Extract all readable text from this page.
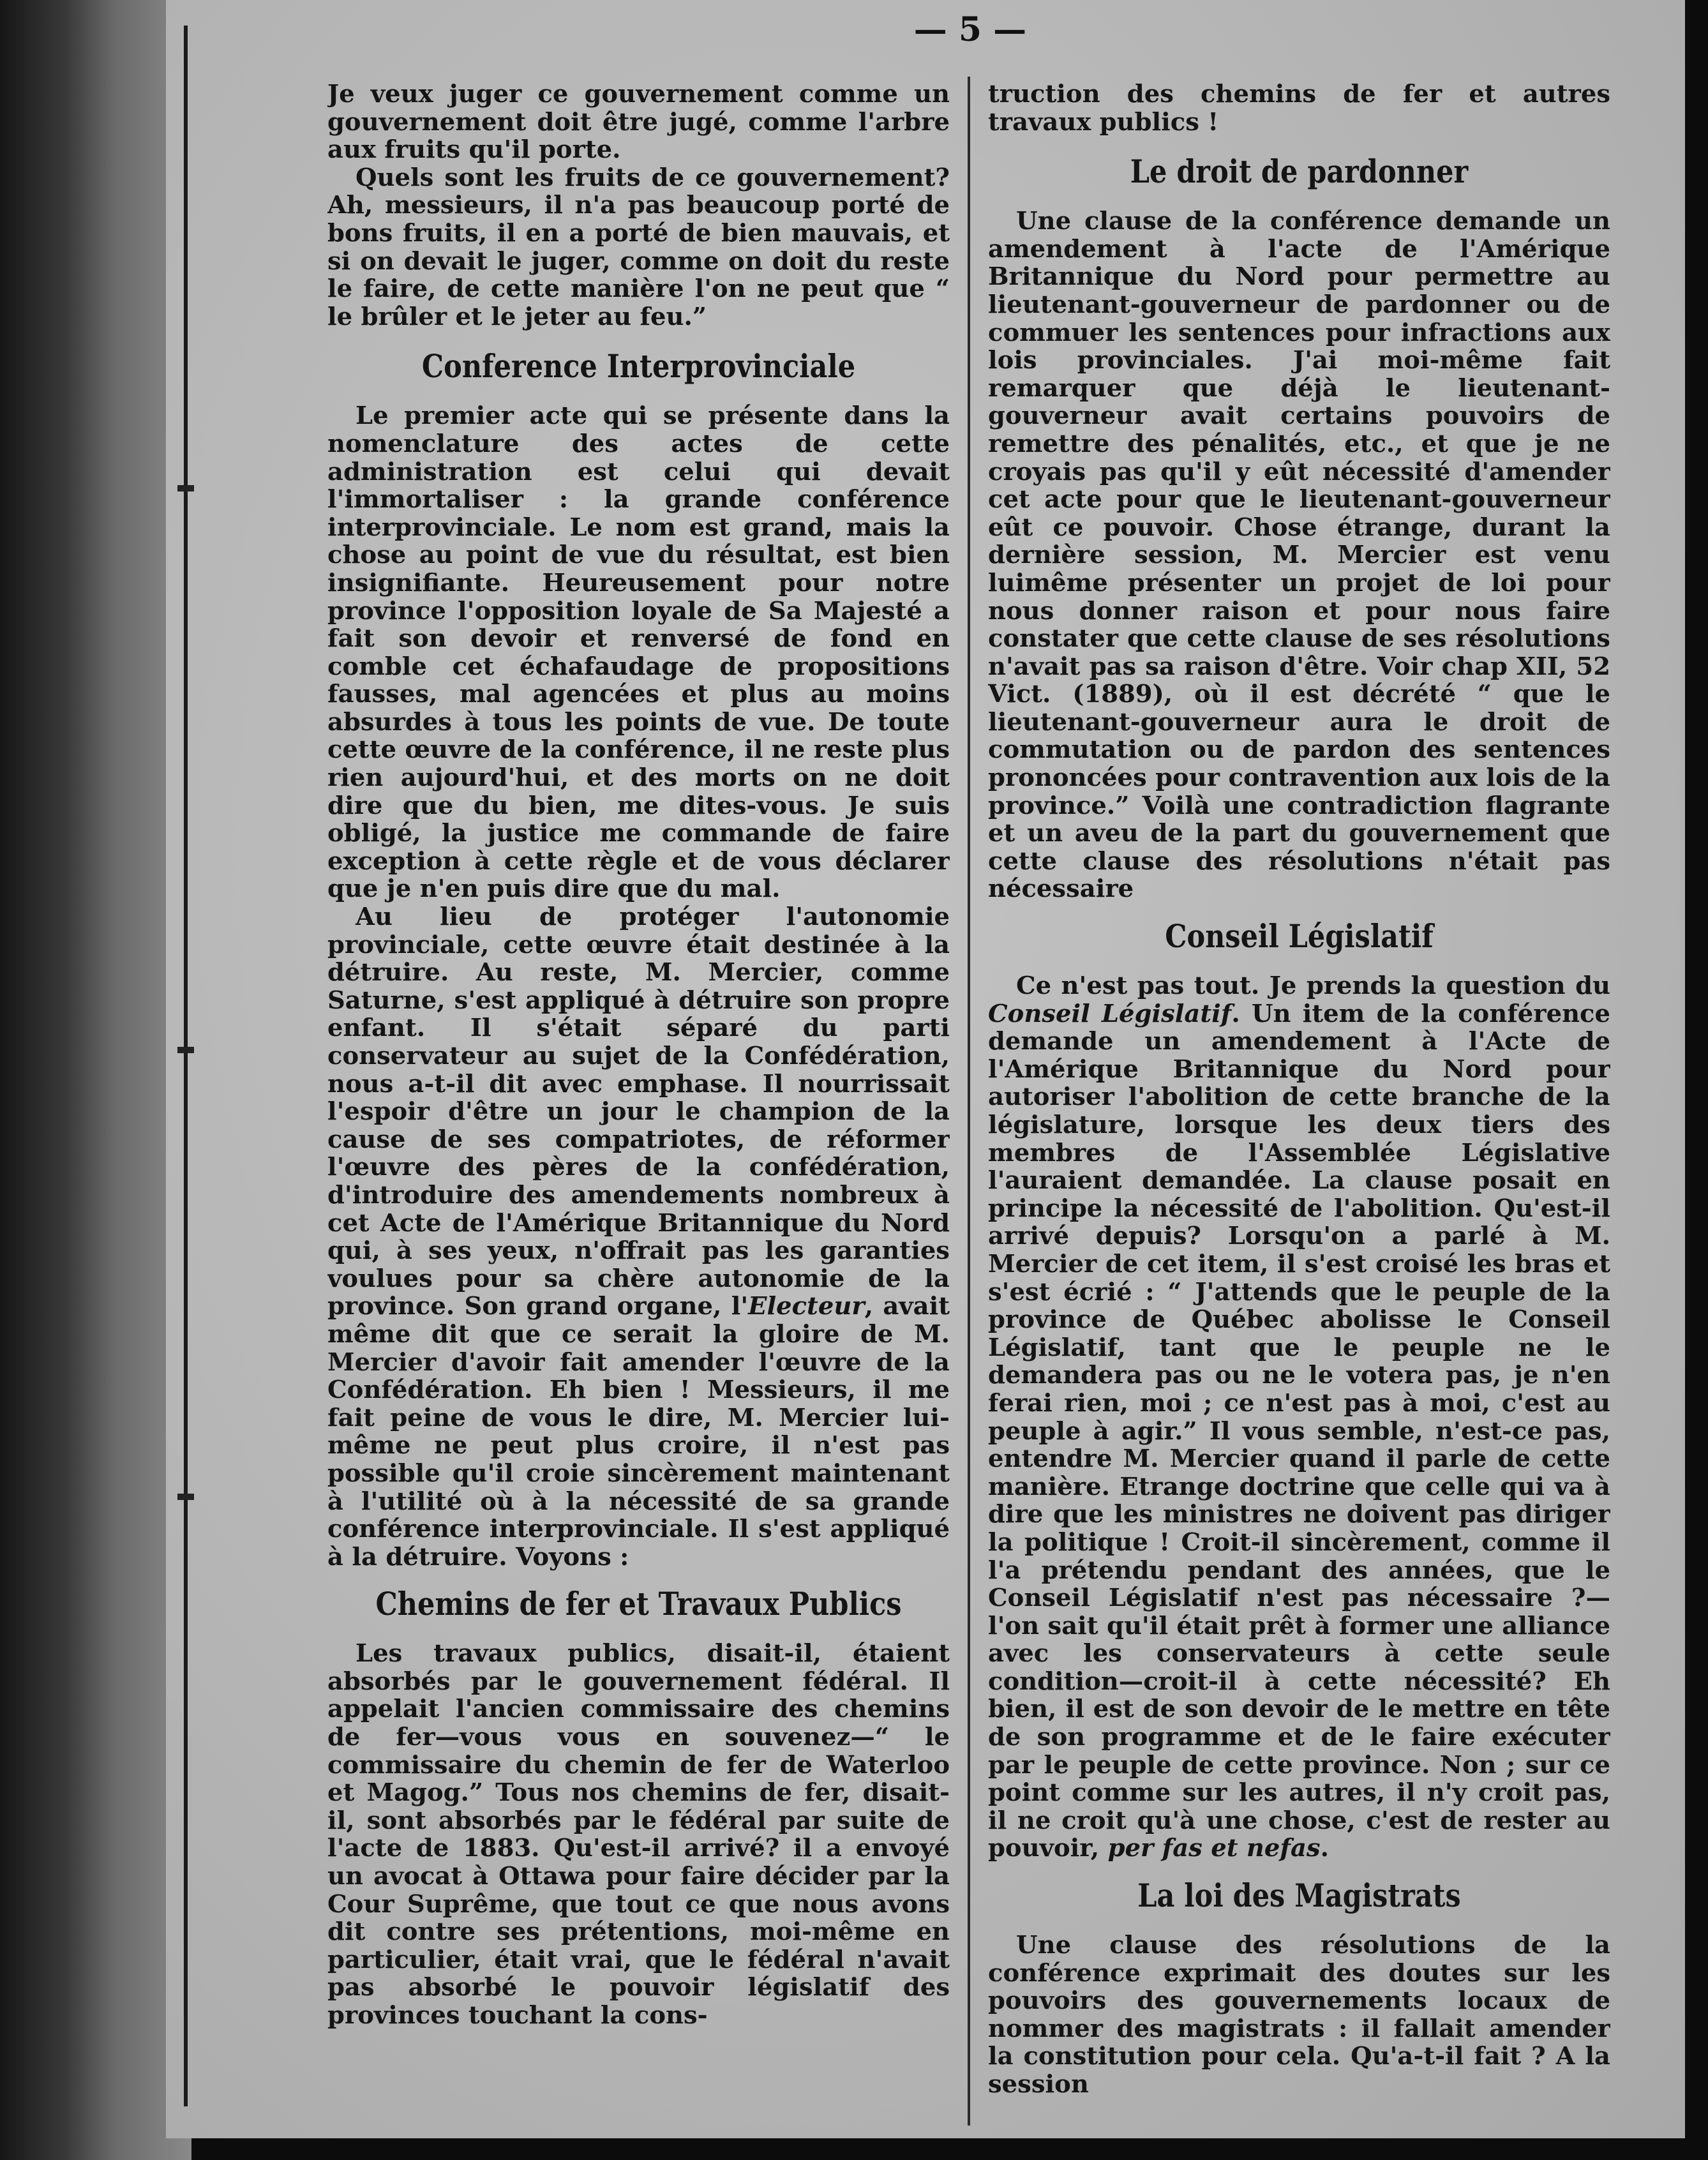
— 5 —

Je veux juger ce gouvernement comme un gouvernement doit être jugé, comme l'arbre aux fruits qu'il porte.

Quels sont les fruits de ce gouvernement? Ah, messieurs, il n'a pas beaucoup porté de bons fruits, il en a porté de bien mauvais, et si on devait le juger, comme on doit du reste le faire, de cette manière l'on ne peut que “ le brûler et le jeter au feu.”

Conference Interprovinciale

Le premier acte qui se présente dans la nomenclature des actes de cette administration est celui qui devait l'immortaliser : la grande conférence interprovinciale. Le nom est grand, mais la chose au point de vue du résultat, est bien insignifiante. Heureusement pour notre province l'opposition loyale de Sa Majesté a fait son devoir et renversé de fond en comble cet échafaudage de propositions fausses, mal agencées et plus au moins absurdes à tous les points de vue. De toute cette œuvre de la conférence, il ne reste plus rien aujourd'hui, et des morts on ne doit dire que du bien, me dites-vous. Je suis obligé, la justice me commande de faire exception à cette règle et de vous déclarer que je n'en puis dire que du mal.

Au lieu de protéger l'autonomie provinciale, cette œuvre était destinée à la détruire. Au reste, M. Mercier, comme Saturne, s'est appliqué à détruire son propre enfant. Il s'était séparé du parti conservateur au sujet de la Confédération, nous a-t-il dit avec emphase. Il nourrissait l'espoir d'être un jour le champion de la cause de ses compatriotes, de réformer l'œuvre des pères de la confédération, d'introduire des amendements nombreux à cet Acte de l'Amérique Britannique du Nord qui, à ses yeux, n'offrait pas les garanties voulues pour sa chère autonomie de la province. Son grand organe, l'Electeur, avait même dit que ce serait la gloire de M. Mercier d'avoir fait amender l'œuvre de la Confédération. Eh bien ! Messieurs, il me fait peine de vous le dire, M. Mercier lui-même ne peut plus croire, il n'est pas possible qu'il croie sincèrement maintenant à l'utilité où à la nécessité de sa grande conférence interprovinciale. Il s'est appliqué à la détruire. Voyons :

Chemins de fer et Travaux Publics

Les travaux publics, disait-il, étaient absorbés par le gouvernement fédéral. Il appelait l'ancien commissaire des chemins de fer—vous vous en souvenez—“ le commissaire du chemin de fer de Waterloo et Magog.” Tous nos chemins de fer, disait-il, sont absorbés par le fédéral par suite de l'acte de 1883. Qu'est-il arrivé? il a envoyé un avocat à Ottawa pour faire décider par la Cour Suprême, que tout ce que nous avons dit contre ses prétentions, moi-même en particulier, était vrai, que le fédéral n'avait pas absorbé le pouvoir législatif des provinces touchant la cons-

truction des chemins de fer et autres travaux publics !

Le droit de pardonner

Une clause de la conférence demande un amendement à l'acte de l'Amérique Britannique du Nord pour permettre au lieutenant-gouverneur de pardonner ou de commuer les sentences pour infractions aux lois provinciales. J'ai moi-même fait remarquer que déjà le lieutenant-gouverneur avait certains pouvoirs de remettre des pénalités, etc., et que je ne croyais pas qu'il y eût nécessité d'amender cet acte pour que le lieutenant-gouverneur eût ce pouvoir. Chose étrange, durant la dernière session, M. Mercier est venu luimême présenter un projet de loi pour nous donner raison et pour nous faire constater que cette clause de ses résolutions n'avait pas sa raison d'être. Voir chap XII, 52 Vict. (1889), où il est décrété “ que le lieutenant-gouverneur aura le droit de commutation ou de pardon des sentences prononcées pour contravention aux lois de la province.” Voilà une contradiction flagrante et un aveu de la part du gouvernement que cette clause des résolutions n'était pas nécessaire

Conseil Législatif

Ce n'est pas tout. Je prends la question du Conseil Législatif. Un item de la conférence demande un amendement à l'Acte de l'Amérique Britannique du Nord pour autoriser l'abolition de cette branche de la législature, lorsque les deux tiers des membres de l'Assemblée Législative l'auraient demandée. La clause posait en principe la nécessité de l'abolition. Qu'est-il arrivé depuis? Lorsqu'on a parlé à M. Mercier de cet item, il s'est croisé les bras et s'est écrié : “ J'attends que le peuple de la province de Québec abolisse le Conseil Législatif, tant que le peuple ne le demandera pas ou ne le votera pas, je n'en ferai rien, moi ; ce n'est pas à moi, c'est au peuple à agir.” Il vous semble, n'est-ce pas, entendre M. Mercier quand il parle de cette manière. Etrange doctrine que celle qui va à dire que les ministres ne doivent pas diriger la politique ! Croit-il sincèrement, comme il l'a prétendu pendant des années, que le Conseil Législatif n'est pas nécessaire ?—l'on sait qu'il était prêt à former une alliance avec les conservateurs à cette seule condition—croit-il à cette nécessité? Eh bien, il est de son devoir de le mettre en tête de son programme et de le faire exécuter par le peuple de cette province. Non ; sur ce point comme sur les autres, il n'y croit pas, il ne croit qu'à une chose, c'est de rester au pouvoir, per fas et nefas.

La loi des Magistrats

Une clause des résolutions de la conférence exprimait des doutes sur les pouvoirs des gouvernements locaux de nommer des magistrats : il fallait amender la constitution pour cela. Qu'a-t-il fait ? A la session
